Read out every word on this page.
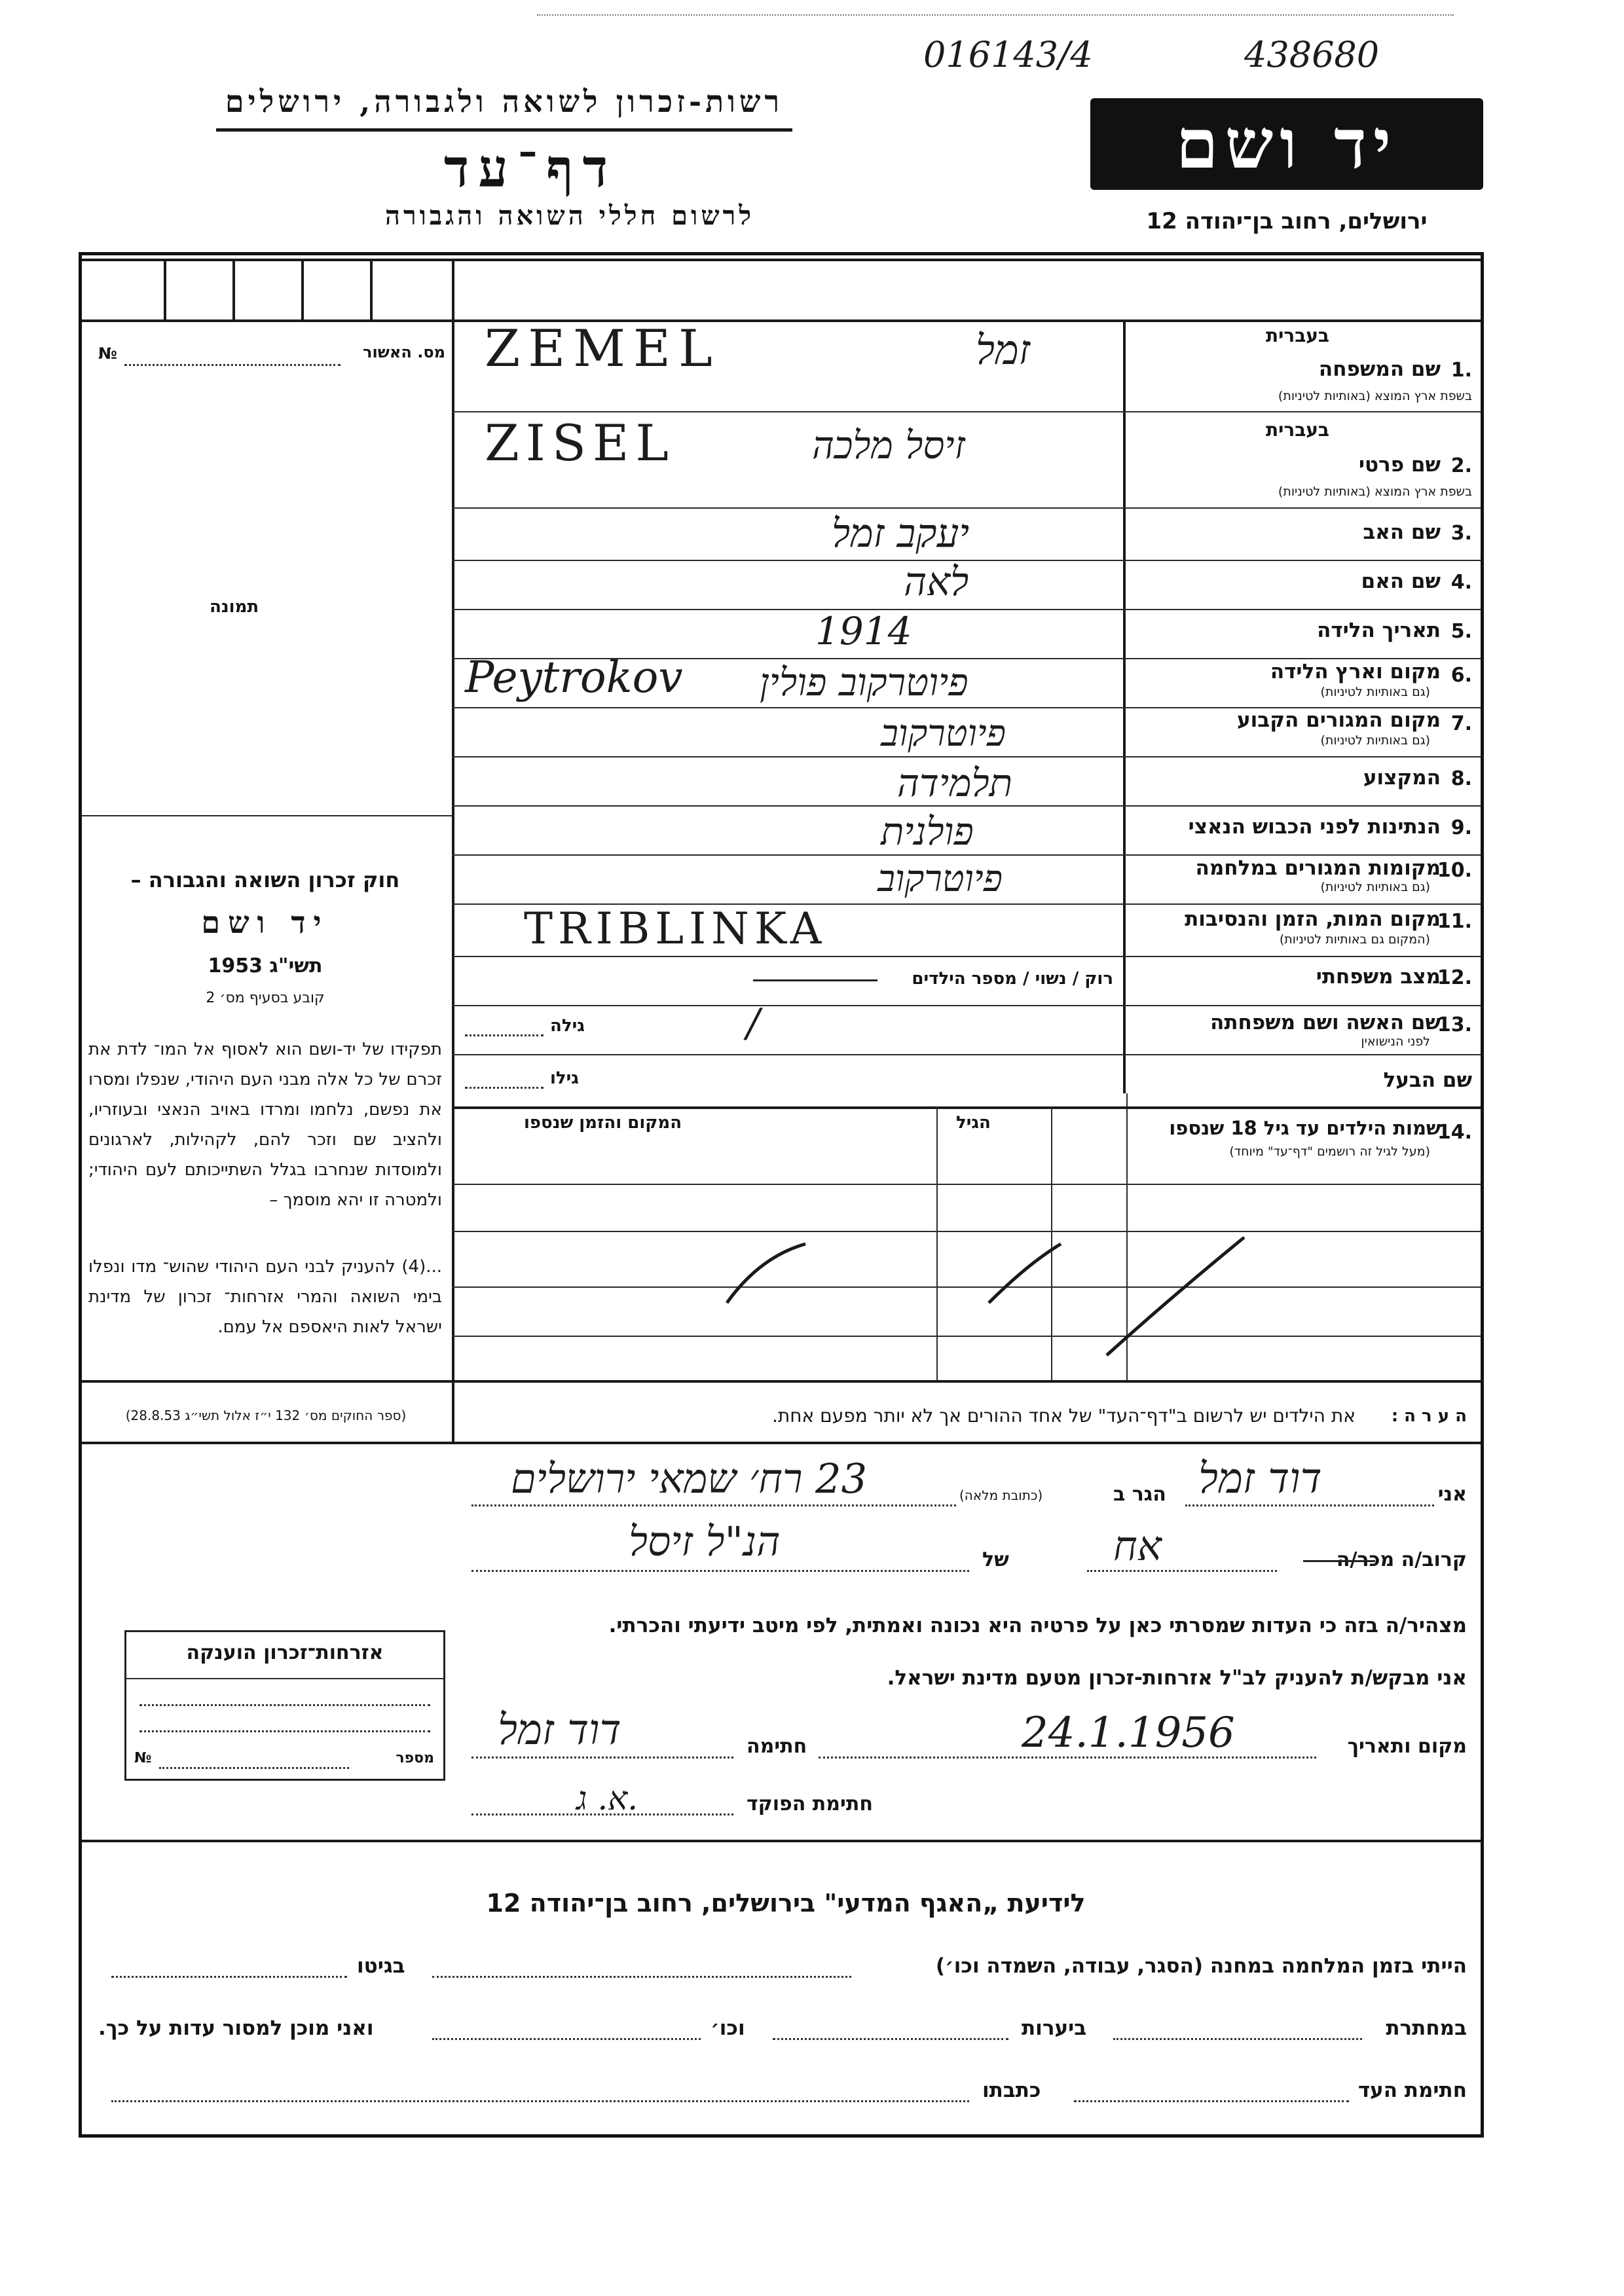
016143/4	438680
רשות-זכרון לשואה ולגבורה, ירושלים
דף־עד
לרשום חללי השואה והגבורה
יד ושם
ירושלים, רחוב בן־יהודה 12
№	מס. האשור
תמונה
חוק זכרון השואה והגבורה –
יד ושם
תשי"ג 1953
קובע בסעיף מס׳ 2
תפקידו של יד-ושם הוא לאסוף אל המו־ לדת את זכרם של כל אלה מבני העם היהודי, שנפלו ומסרו את נפשם, נלחמו ומרדו באויב הנאצי ובעוזריו, ולהציב שם וזכר להם, לקהילות, לארגונים ולמוסדות שנחרבו בגלל השתייכותם לעם היהודי; ולמטרה זו יהא מוסמך –
...(4) להעניק לבני העם היהודי שהוש־ מדו ונפלו בימי השואה והמרי אזרחות־ זכרון של מדינת ישראל לאות היאספם אל עמם.
(ספר החוקים מס׳ 132 י״ז אלול תשי״ג 28.8.53)
בעברית
1.
שם המשפחה
בשפת ארץ המוצא (באותיות לטיניות)
ZEMEL	זמל
בעברית
2.
שם פרטי
בשפת ארץ המוצא (באותיות לטיניות)
ZISEL	זיסל מלכה
3.
שם האב
יעקב זמל
4.
שם האם
לאה
5.
תאריך הלידה
1914
6.
מקום וארץ הלידה
(גם באותיות לטיניות)
Peytrokov פיוטרקוב פולין
7.
מקום המגורים הקבוע
(גם באותיות לטיניות)
פיוטרקוב
8.
המקצוע
תלמידה
9.
הנתינות לפני הכבוש הנאצי
פולנית
10.
מקומות המגורים במלחמה
(גם באותיות לטיניות)
פיוטרקוב
11.
מקום המות, הזמן והנסיבות
(המקום גם באותיות לטיניות)
TRIBLINKA
12.
מצב משפחתי
רוק / נשוי / מספר הילדים
13.
שם האשה ושם משפחתה
לפני הנישואין
גילה	/
שם הבעל
גילו
14.
שמות הילדים עד גיל 18 שנספו
(מעל לגיל זה רושמים "דף־עד" מיוחד)
הגיל
המקום והזמן שנספו
ה ע ר ה :
את הילדים יש לרשום ב"דף־העד" של אחד ההורים אך לא יותר מפעם אחת.
אני
דוד זמל
הגר ב
(כתובת מלאה)
23 רח׳ שמאי ירושלים
קרוב/ה מכר/ה
אח
של
הנ"ל זיסל
מצהיר/ה בזה כי העדות שמסרתי כאן על פרטיה היא נכונה ואמתית, לפי מיטב ידיעתי והכרתי.
אני מבקש/ת להעניק לב"ל אזרחות-זכרון מטעם מדינת ישראל.
מקום ותאריך
24.1.1956
חתימה
דוד זמל
חתימת הפוקד
א. ג.
אזרחות־זכרון הוענקה
№	מספר
לידיעת „האגף המדעי" בירושלים, רחוב בן־יהודה 12
הייתי בזמן המלחמה במחנה (הסגר, עבודה, השמדה וכו׳)
בגיטו
במחתרת
ביערות
וכו׳
ואני מוכן למסור עדות על כך.
חתימת העד
כתבתו
